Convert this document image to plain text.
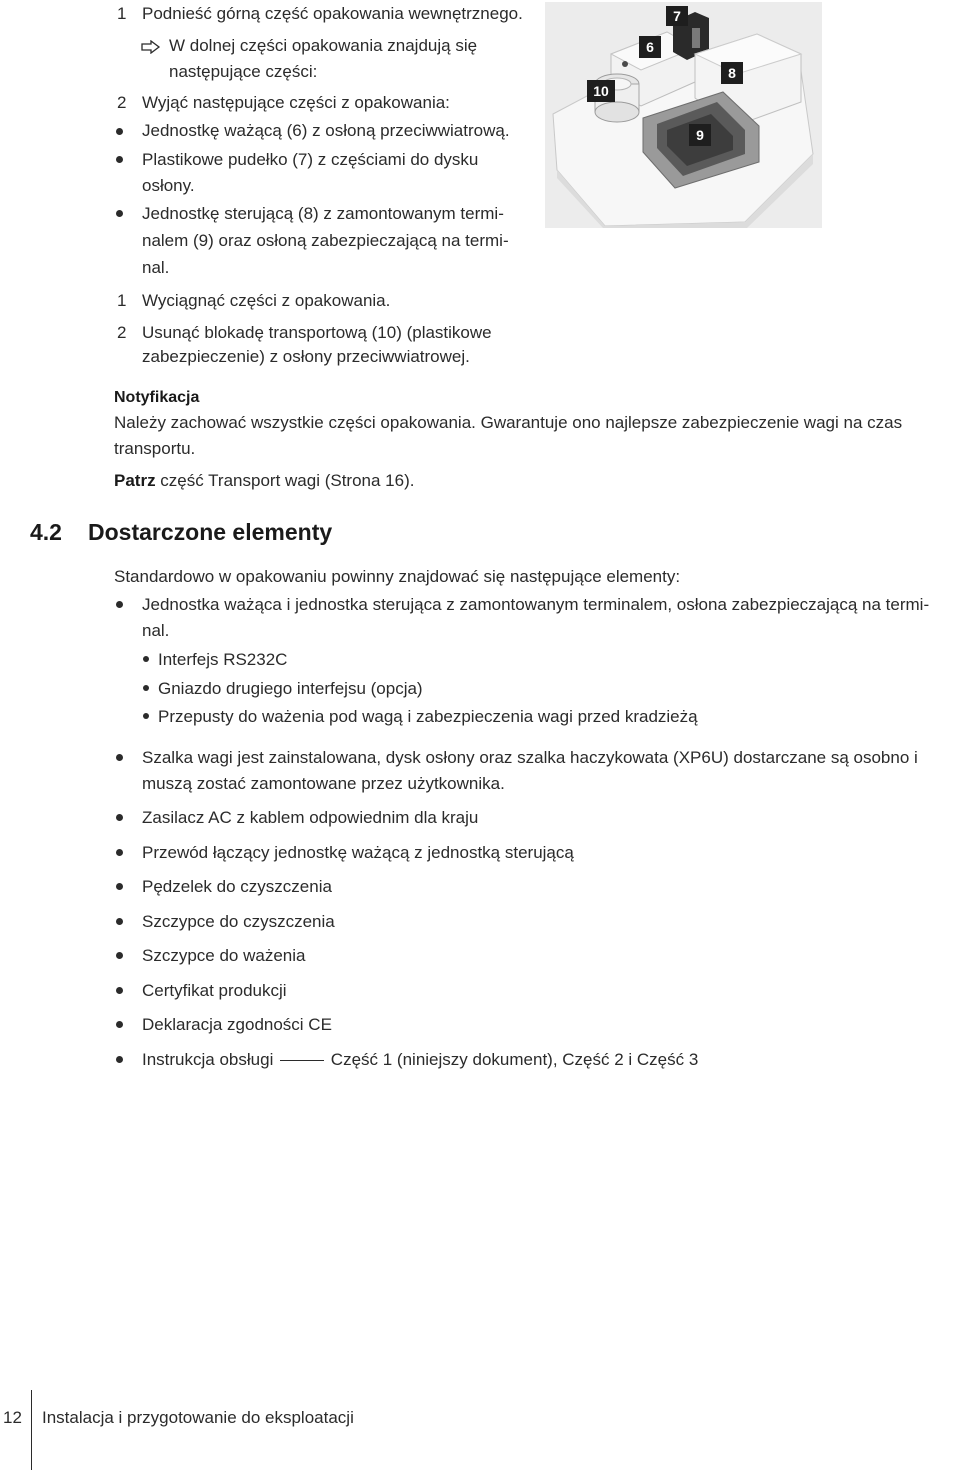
1 Podnieść górną część opakowania wewnętrznego.
W dolnej części opakowania znajdują się
następujące części:
2 Wyjąć następujące części z opakowania:
Jednostkę ważącą (6) z osłoną przeciwwiatrową.
Plastikowe pudełko (7) z częściami do dysku
osłony.
Jednostkę sterującą (8) z zamontowanym termi-
nalem (9) oraz osłoną zabezpieczającą na termi-
nal.
1 Wyciągnąć części z opakowania.
2 Usunąć blokadę transportową (10) (plastikowe
zabezpieczenie) z osłony przeciwwiatrowej.
7
6
8
10
9
Notyfikacja
Należy zachować wszystkie części opakowania. Gwarantuje ono najlepsze zabezpieczenie wagi na czas
transportu.
Patrz część Transport wagi (Strona 16).
4.2 Dostarczone elementy
Standardowo w opakowaniu powinny znajdować się następujące elementy:
Jednostka ważąca i jednostka sterująca z zamontowanym terminalem, osłona zabezpieczającą na termi-
nal.
Interfejs RS232C
Gniazdo drugiego interfejsu (opcja)
Przepusty do ważenia pod wagą i zabezpieczenia wagi przed kradzieżą
Szalka wagi jest zainstalowana, dysk osłony oraz szalka haczykowata (XP6U) dostarczane są osobno i
muszą zostać zamontowane przez użytkownika.
Zasilacz AC z kablem odpowiednim dla kraju
Przewód łączący jednostkę ważącą z jednostką sterującą
Pędzelek do czyszczenia
Szczypce do czyszczenia
Szczypce do ważenia
Certyfikat produkcji
Deklaracja zgodności CE
Instrukcja obsługi	Część 1 (niniejszy dokument), Część 2 i Część 3
12 Instalacja i przygotowanie do eksploatacji
